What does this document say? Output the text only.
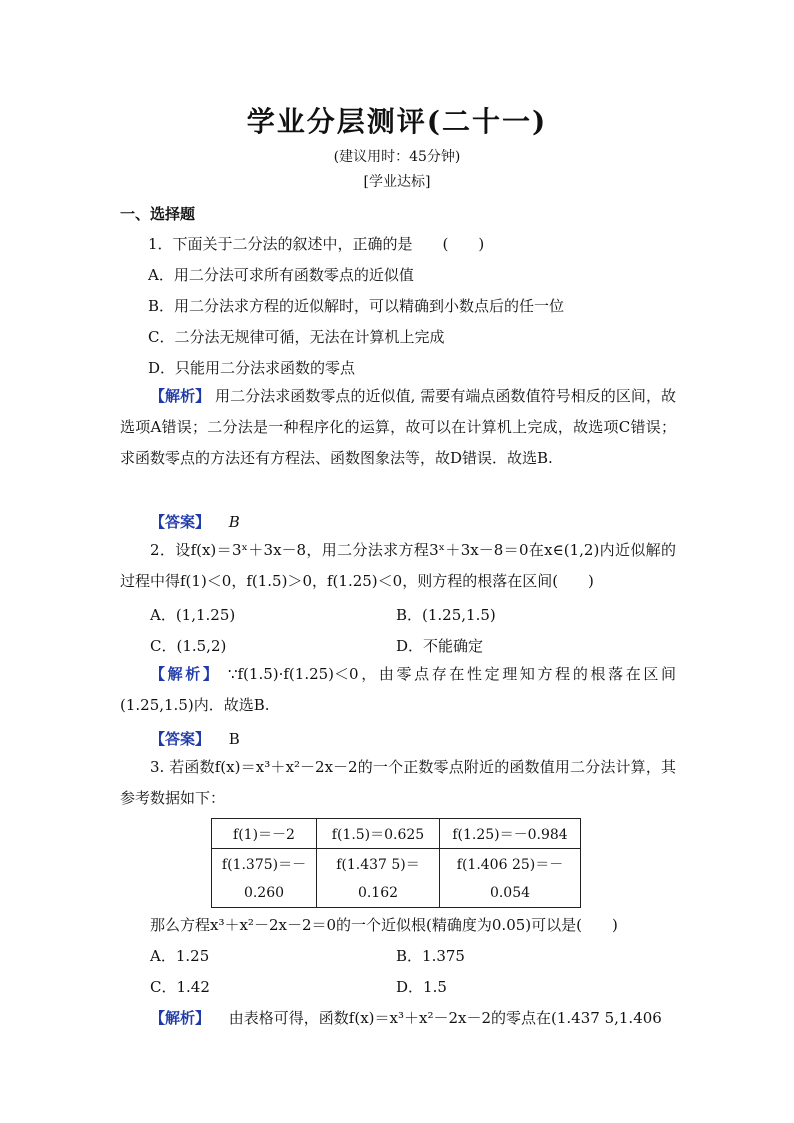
学业分层测评(二十一)
(建议用时：45分钟)
[学业达标]
一、选择题
1．下面关于二分法的叙述中，正确的是　　(　　)
A．用二分法可求所有函数零点的近似值
B．用二分法求方程的近似解时，可以精确到小数点后的任一位
C．二分法无规律可循，无法在计算机上完成
D．只能用二分法求函数的零点
【解析】 用二分法求函数零点的近似值, 需要有端点函数值符号相反的区间，故选项A错误；二分法是一种程序化的运算，故可以在计算机上完成，故选项C错误；求函数零点的方法还有方程法、函数图象法等，故D错误．故选B.
【答案】 B
2．设f(x)＝3ˣ＋3x－8，用二分法求方程3ˣ＋3x－8＝0在x∈(1,2)内近似解的过程中得f(1)＜0，f(1.5)＞0，f(1.25)＜0，则方程的根落在区间(　　)
A．(1,1.25)	B．(1.25,1.5)
C．(1.5,2)	D．不能确定
【解析】 ∵f(1.5)·f(1.25)＜0，由零点存在性定理知方程的根落在区间(1.25,1.5)内．故选B.
【答案】 B
3. 若函数f(x)＝x³＋x²－2x－2的一个正数零点附近的函数值用二分法计算，其参考数据如下：
f(1)＝－2	f(1.5)＝0.625	f(1.25)＝－0.984
f(1.375)＝－	f(1.437 5)＝	f(1.406 25)＝－
0.260	0.162	0.054
那么方程x³＋x²－2x－2＝0的一个近似根(精确度为0.05)可以是(　　)
A．1.25	B．1.375
C．1.42	D．1.5
【解析】 由表格可得，函数f(x)＝x³＋x²－2x－2的零点在(1.437 5,1.406
